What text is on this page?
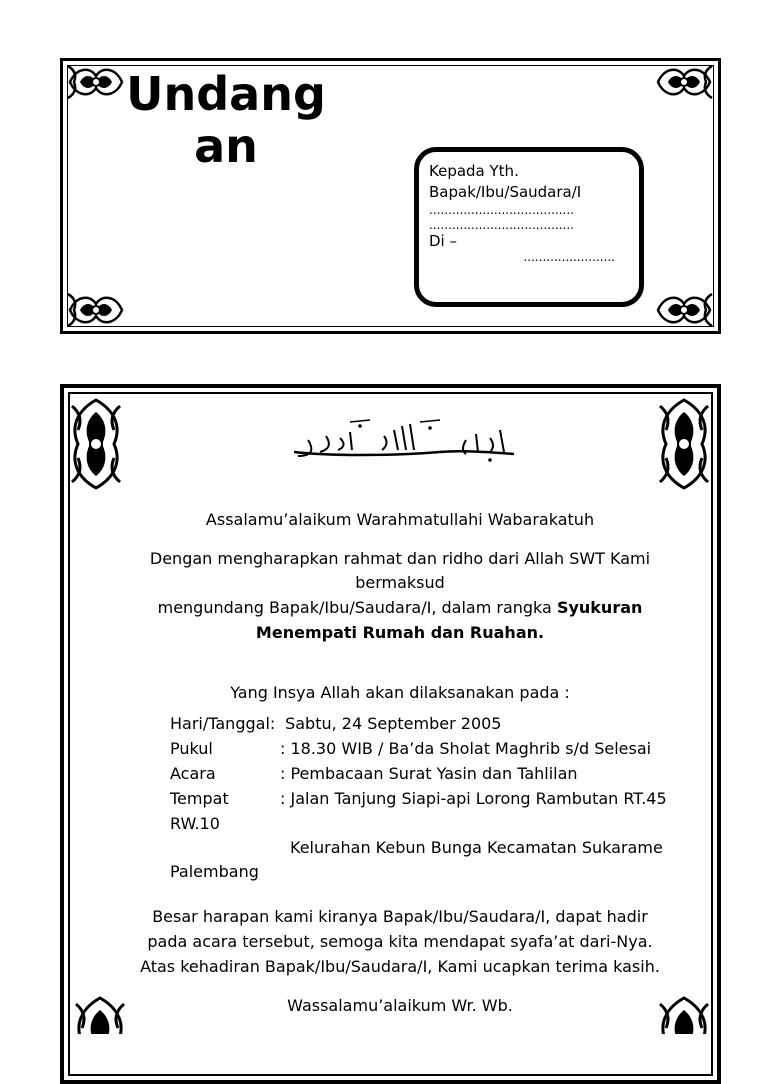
Undang
an	Kepada Yth.
Bapak/Ibu/Saudara/I
......................................
......................................
Di –
........................
Assalamu’alaikum Warahmatullahi Wabarakatuh
Dengan mengharapkan rahmat dan ridho dari Allah SWT Kami
bermaksud
mengundang Bapak/Ibu/Saudara/I, dalam rangka Syukuran
Menempati Rumah dan Ruahan.
Yang Insya Allah akan dilaksanakan pada :
Hari/Tanggal: Sabtu, 24 September 2005
Pukul	: 18.30 WIB / Ba’da Sholat Maghrib s/d Selesai
Acara	: Pembacaan Surat Yasin dan Tahlilan
Tempat	: Jalan Tanjung Siapi-api Lorong Rambutan RT.45
RW.10
Kelurahan Kebun Bunga Kecamatan Sukarame
Palembang
Besar harapan kami kiranya Bapak/Ibu/Saudara/I, dapat hadir
pada acara tersebut, semoga kita mendapat syafa’at dari-Nya.
Atas kehadiran Bapak/Ibu/Saudara/I, Kami ucapkan terima kasih.
Wassalamu’alaikum Wr. Wb.
